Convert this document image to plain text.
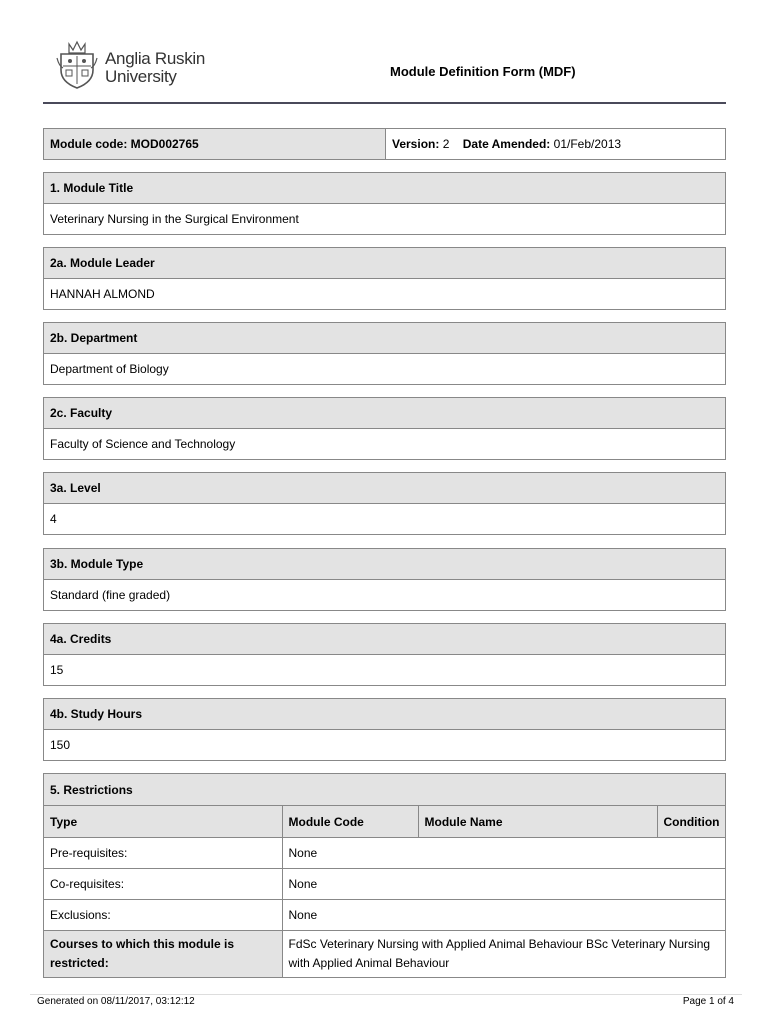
Anglia Ruskin
University	Module Definition Form (MDF)
Module code: MOD002765	Version:
2
Date Amended:
01/Feb/2013
1. Module Title
Veterinary Nursing in the Surgical Environment
2a. Module Leader
HANNAH ALMOND
2b. Department
Department of Biology
2c. Faculty
Faculty of Science and Technology
3a. Level
4
3b. Module Type
Standard (fine graded)
4a. Credits
15
4b. Study Hours
150
5. Restrictions
Type	Module Code	Module Name	Condition
Pre-requisites:	None		
Co-requisites:	None		
Exclusions:	None		
Courses to which this module is restricted:	FdSc Veterinary Nursing with Applied Animal Behaviour BSc Veterinary Nursing with Applied Animal Behaviour		
Generated on 08/11/2017, 03:12:12	Page 1 of 4
